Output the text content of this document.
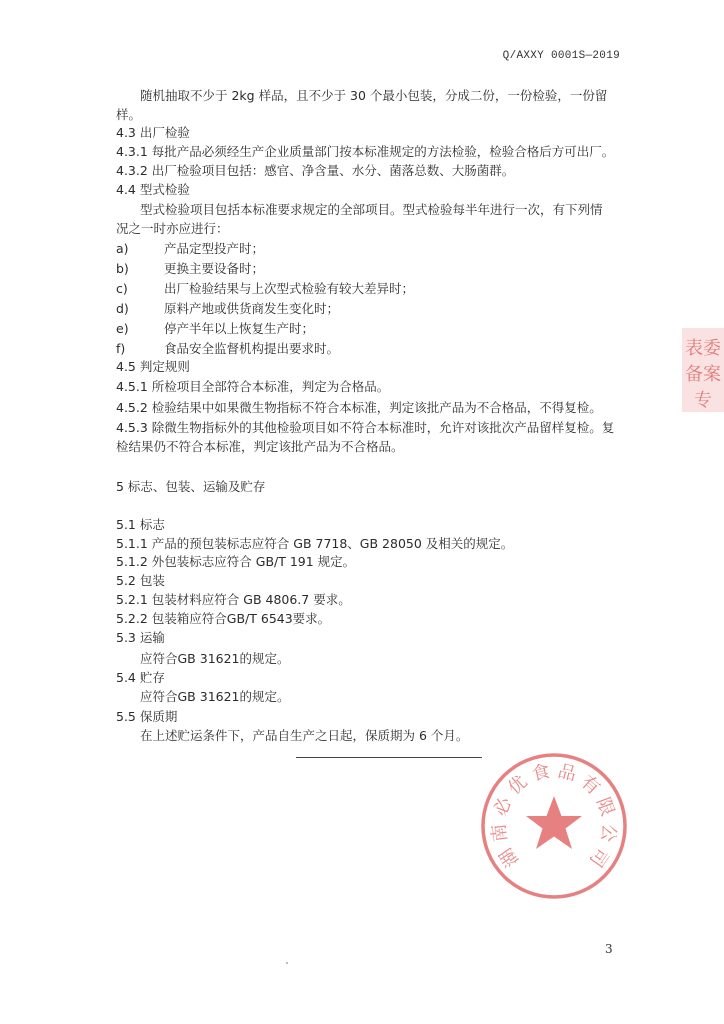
Q/AXXY 0001S—2019
随机抽取不少于 2kg 样品，且不少于 30 个最小包装，分成二份，一份检验，一份留
样。
4.3 出厂检验
4.3.1 每批产品必须经生产企业质量部门按本标准规定的方法检验，检验合格后方可出厂。
4.3.2 出厂检验项目包括：感官、净含量、水分、菌落总数、大肠菌群。
4.4 型式检验
型式检验项目包括本标准要求规定的全部项目。型式检验每半年进行一次，有下列情
况之一时亦应进行：
a)	产品定型投产时；
b)	更换主要设备时；
c)	出厂检验结果与上次型式检验有较大差异时；
d)	原料产地或供货商发生变化时；
e)	停产半年以上恢复生产时；
f)	食品安全监督机构提出要求时。
4.5 判定规则
4.5.1 所检项目全部符合本标准，判定为合格品。
4.5.2 检验结果中如果微生物指标不符合本标准，判定该批产品为不合格品，不得复检。
4.5.3 除微生物指标外的其他检验项目如不符合本标准时，允许对该批次产品留样复检。复
检结果仍不符合本标准，判定该批产品为不合格品。
5 标志、包装、运输及贮存
5.1 标志
5.1.1 产品的预包装标志应符合 GB 7718、GB 28050 及相关的规定。
5.1.2 外包装标志应符合 GB/T 191 规定。
5.2 包装
5.2.1 包装材料应符合 GB 4806.7 要求。
5.2.2 包装箱应符合GB/T 6543要求。
5.3 运输
应符合GB 31621的规定。
5.4 贮存
应符合GB 31621的规定。
5.5 保质期
在上述贮运条件下，产品自生产之日起，保质期为 6 个月。
表委
备案专
湖
南
必
优
食 品
有
限
公
司
3
